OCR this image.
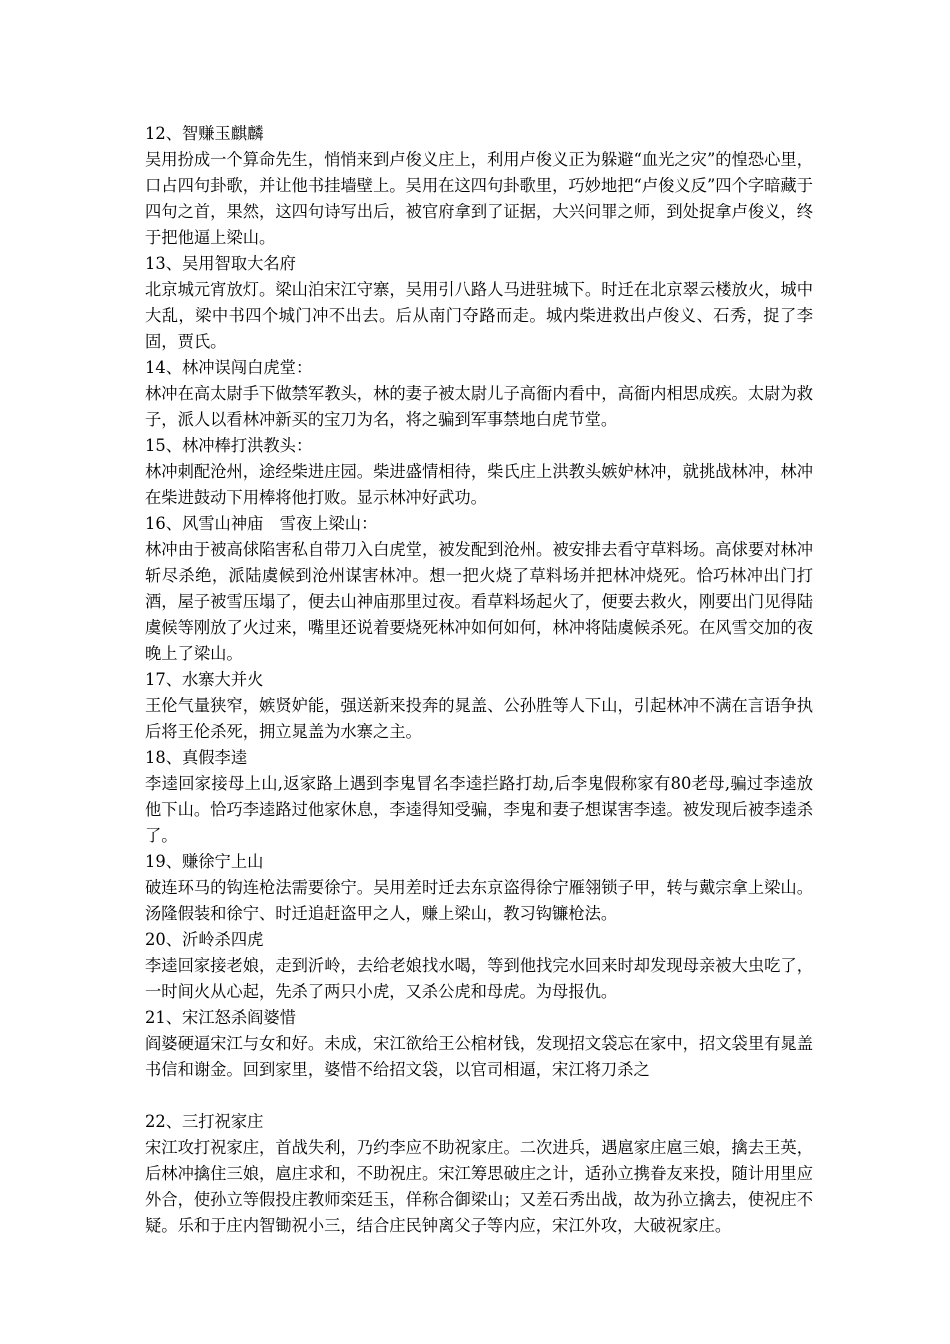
12、智赚玉麒麟

吴用扮成一个算命先生，悄悄来到卢俊义庄上，利用卢俊义正为躲避“血光之灾”的惶恐心里，口占四句卦歌，并让他书挂墙壁上。吴用在这四句卦歌里，巧妙地把“卢俊义反”四个字暗藏于四句之首，果然，这四句诗写出后，被官府拿到了证据，大兴问罪之师，到处捉拿卢俊义，终于把他逼上梁山。

13、吴用智取大名府

北京城元宵放灯。梁山泊宋江守寨，吴用引八路人马进驻城下。时迁在北京翠云楼放火，城中大乱，梁中书四个城门冲不出去。后从南门夺路而走。城内柴进救出卢俊义、石秀，捉了李固，贾氏。

14、林冲误闯白虎堂：

林冲在高太尉手下做禁军教头，林的妻子被太尉儿子高衙内看中，高衙内相思成疾。太尉为救子，派人以看林冲新买的宝刀为名，将之骗到军事禁地白虎节堂。

15、林冲棒打洪教头：

林冲刺配沧州，途经柴进庄园。柴进盛情相待，柴氏庄上洪教头嫉妒林冲，就挑战林冲，林冲在柴进鼓动下用棒将他打败。显示林冲好武功。

16、风雪山神庙　雪夜上梁山：

林冲由于被高俅陷害私自带刀入白虎堂，被发配到沧州。被安排去看守草料场。高俅要对林冲斩尽杀绝，派陆虞候到沧州谋害林冲。想一把火烧了草料场并把林冲烧死。恰巧林冲出门打酒，屋子被雪压塌了，便去山神庙那里过夜。看草料场起火了，便要去救火，刚要出门见得陆虞候等刚放了火过来，嘴里还说着要烧死林冲如何如何，林冲将陆虞候杀死。在风雪交加的夜晚上了梁山。

17、水寨大并火

王伦气量狭窄，嫉贤妒能，强送新来投奔的晁盖、公孙胜等人下山，引起林冲不满在言语争执后将王伦杀死，拥立晁盖为水寨之主。

18、真假李逵

李逵回家接母上山,返家路上遇到李鬼冒名李逵拦路打劫,后李鬼假称家有80老母,骗过李逵放他下山。恰巧李逵路过他家休息，李逵得知受骗，李鬼和妻子想谋害李逵。被发现后被李逵杀了。

19、赚徐宁上山

破连环马的钩连枪法需要徐宁。吴用差时迁去东京盗得徐宁雁翎锁子甲，转与戴宗拿上梁山。汤隆假装和徐宁、时迁追赶盗甲之人，赚上梁山，教习钩镰枪法。

20、沂岭杀四虎

李逵回家接老娘，走到沂岭，去给老娘找水喝，等到他找完水回来时却发现母亲被大虫吃了，一时间火从心起，先杀了两只小虎，又杀公虎和母虎。为母报仇。

21、宋江怒杀阎婆惜

阎婆硬逼宋江与女和好。未成，宋江欲给王公棺材钱，发现招文袋忘在家中，招文袋里有晁盖书信和谢金。回到家里，婆惜不给招文袋，以官司相逼，宋江将刀杀之

22、三打祝家庄

宋江攻打祝家庄，首战失利，乃约李应不助祝家庄。二次进兵，遇扈家庄扈三娘，擒去王英，后林冲擒住三娘，扈庄求和，不助祝庄。宋江筹思破庄之计，适孙立携眷友来投，随计用里应外合，使孙立等假投庄教师栾廷玉，佯称合御梁山；又差石秀出战，故为孙立擒去，使祝庄不疑。乐和于庄内智锄祝小三，结合庄民钟离父子等内应，宋江外攻，大破祝家庄。
